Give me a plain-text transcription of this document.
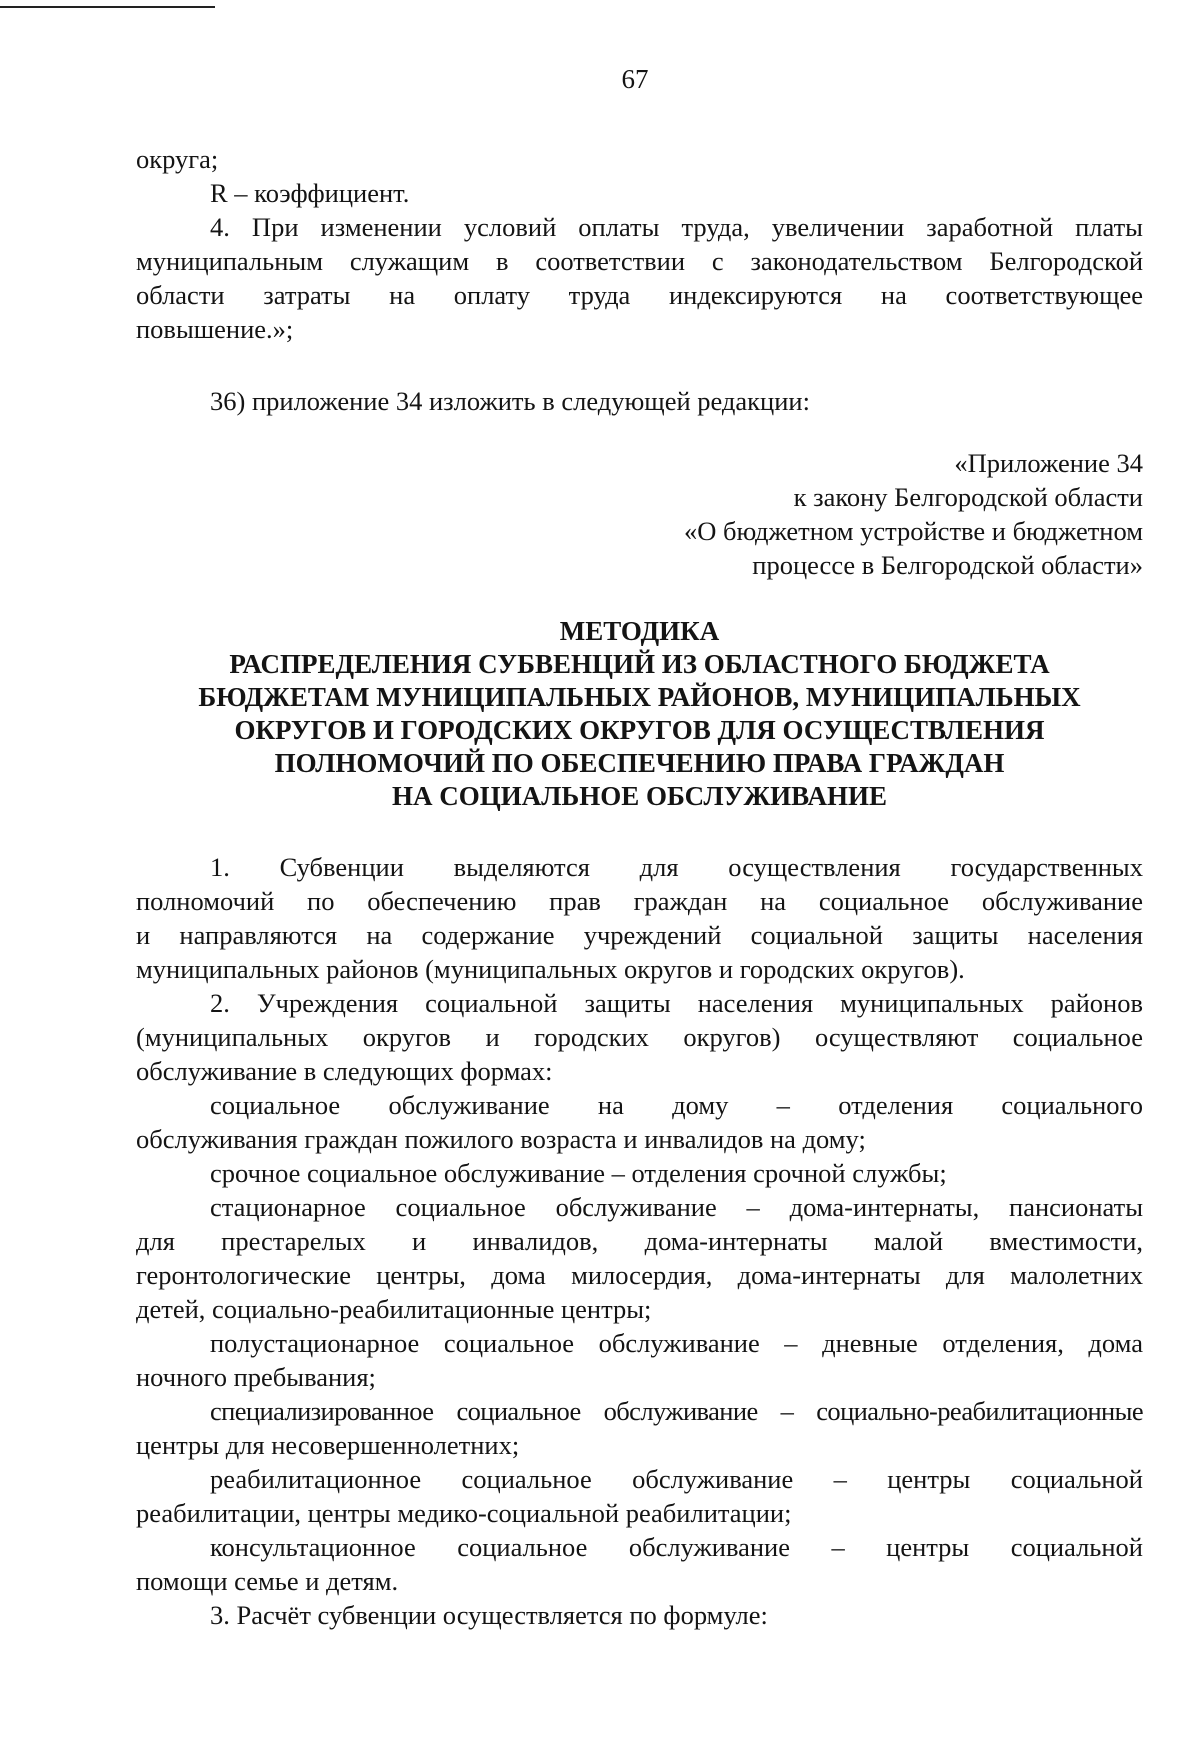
67
округа;
R – коэффициент.
4. При изменении условий оплаты труда, увеличении заработной платы
муниципальным служащим в соответствии с законодательством Белгородской
области затраты на оплату труда индексируются на соответствующее
повышение.»;
36) приложение 34 изложить в следующей редакции:
«Приложение 34
к закону Белгородской области
«О бюджетном устройстве и бюджетном
процессе в Белгородской области»
МЕТОДИКА
РАСПРЕДЕЛЕНИЯ СУБВЕНЦИЙ ИЗ ОБЛАСТНОГО БЮДЖЕТА
БЮДЖЕТАМ МУНИЦИПАЛЬНЫХ РАЙОНОВ, МУНИЦИПАЛЬНЫХ
ОКРУГОВ И ГОРОДСКИХ ОКРУГОВ ДЛЯ ОСУЩЕСТВЛЕНИЯ
ПОЛНОМОЧИЙ ПО ОБЕСПЕЧЕНИЮ ПРАВА ГРАЖДАН
НА СОЦИАЛЬНОЕ ОБСЛУЖИВАНИЕ
1. Субвенции выделяются для осуществления государственных
полномочий по обеспечению прав граждан на социальное обслуживание
и направляются на содержание учреждений социальной защиты населения
муниципальных районов (муниципальных округов и городских округов).
2. Учреждения социальной защиты населения муниципальных районов
(муниципальных округов и городских округов) осуществляют социальное
обслуживание в следующих формах:
социальное обслуживание на дому – отделения социального
обслуживания граждан пожилого возраста и инвалидов на дому;
срочное социальное обслуживание – отделения срочной службы;
стационарное социальное обслуживание – дома-интернаты, пансионаты
для престарелых и инвалидов, дома-интернаты малой вместимости,
геронтологические центры, дома милосердия, дома-интернаты для малолетних
детей, социально-реабилитационные центры;
полустационарное социальное обслуживание – дневные отделения, дома
ночного пребывания;
специализированное социальное обслуживание – социально-реабилитационные
центры для несовершеннолетних;
реабилитационное социальное обслуживание – центры социальной
реабилитации, центры медико-социальной реабилитации;
консультационное социальное обслуживание – центры социальной
помощи семье и детям.
3. Расчёт субвенции осуществляется по формуле:
